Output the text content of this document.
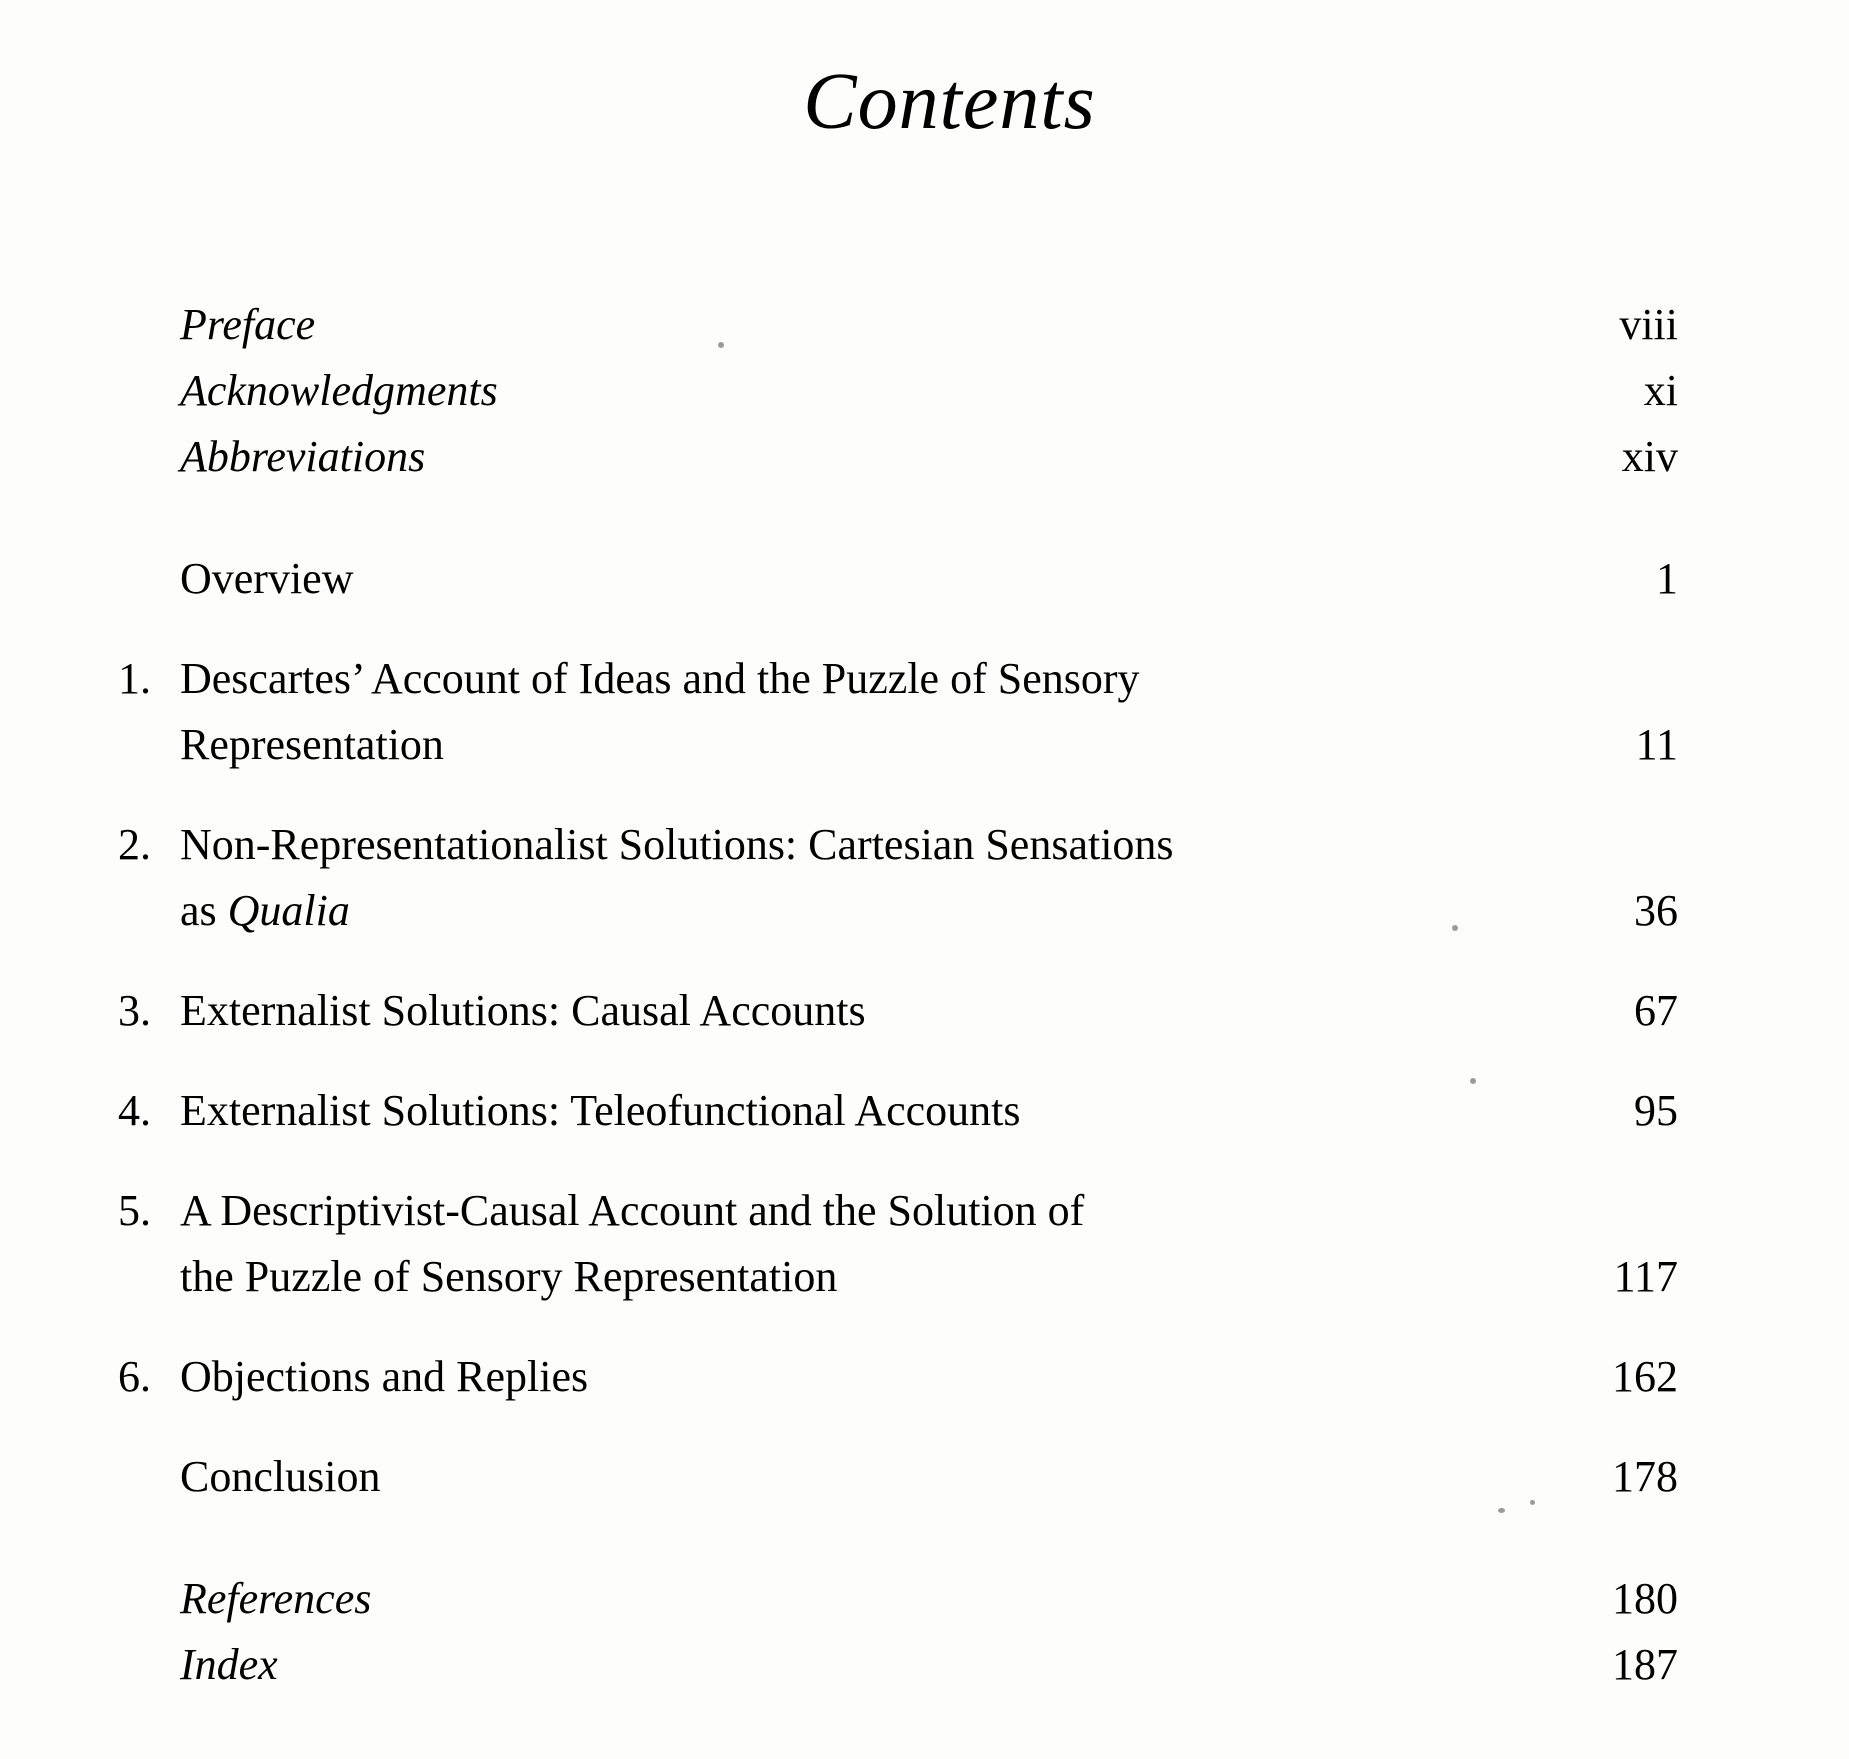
Contents
Preface	viii
Acknowledgments	xi
Abbreviations	xiv
Overview	1
1. Descartes’ Account of Ideas and the Puzzle of Sensory
Representation	11
2. Non-Representationalist Solutions: Cartesian Sensations
as Qualia	36
3. Externalist Solutions: Causal Accounts	67
4. Externalist Solutions: Teleofunctional Accounts	95
5. A Descriptivist-Causal Account and the Solution of
the Puzzle of Sensory Representation	117
6. Objections and Replies	162
Conclusion	178
References	180
Index	187
